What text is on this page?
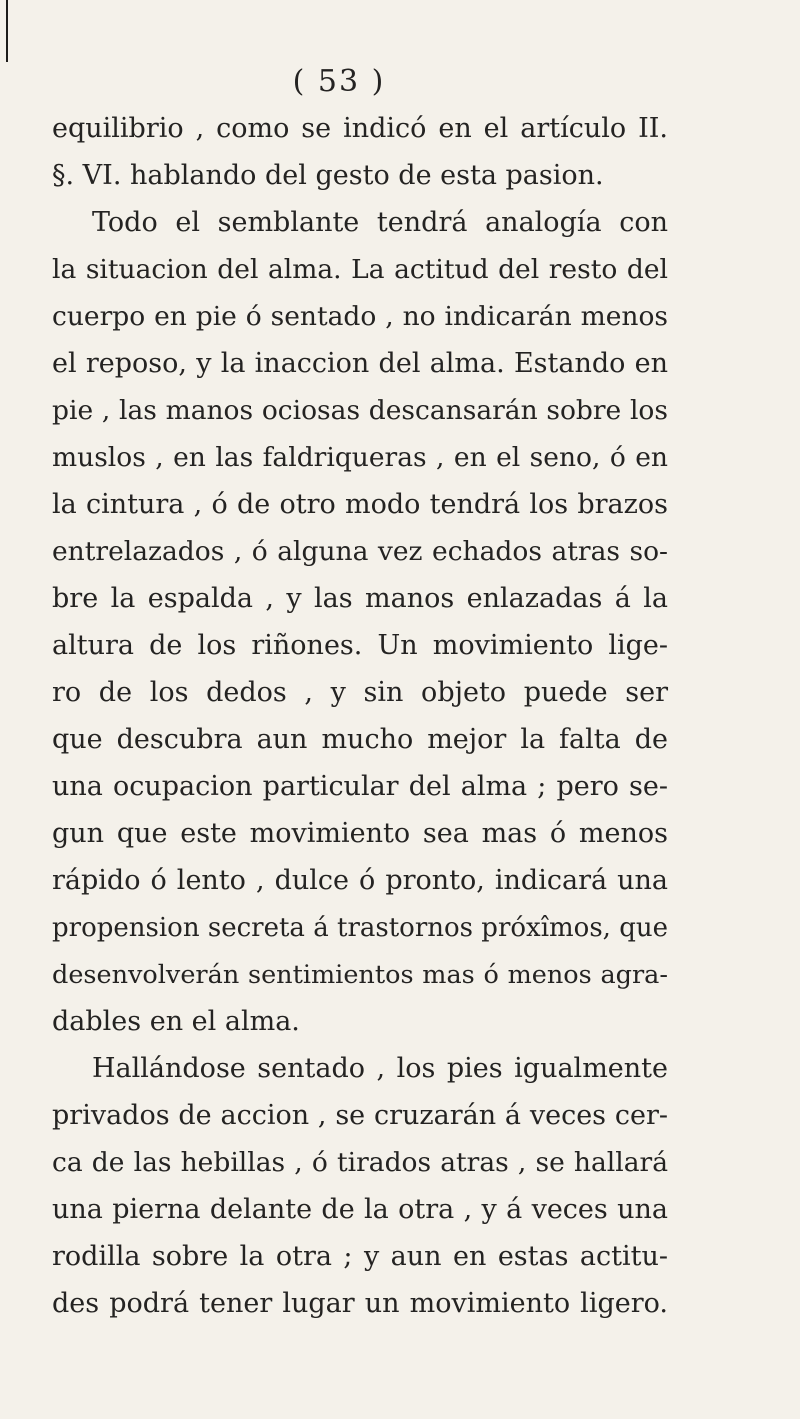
( 53 )
equilibrio , como se indicó en el artículo II.
§. VI. hablando del gesto de esta pasion.
Todo el semblante tendrá analogía con
la situacion del alma. La actitud del resto del
cuerpo en pie ó sentado , no indicarán menos
el reposo, y la inaccion del alma. Estando en
pie , las manos ociosas descansarán sobre los
muslos , en las faldriqueras , en el seno, ó en
la cintura , ó de otro modo tendrá los brazos
entrelazados , ó alguna vez echados atras so-
bre la espalda , y las manos enlazadas á la
altura de los riñones. Un movimiento lige-
ro de los dedos , y sin objeto puede ser
que descubra aun mucho mejor la falta de
una ocupacion particular del alma ; pero se-
gun que este movimiento sea mas ó menos
rápido ó lento , dulce ó pronto, indicará una
propension secreta á trastornos próxîmos, que
desenvolverán sentimientos mas ó menos agra-
dables en el alma.
Hallándose sentado , los pies igualmente
privados de accion , se cruzarán á veces cer-
ca de las hebillas , ó tirados atras , se hallará
una pierna delante de la otra , y á veces una
rodilla sobre la otra ; y aun en estas actitu-
des podrá tener lugar un movimiento ligero.
